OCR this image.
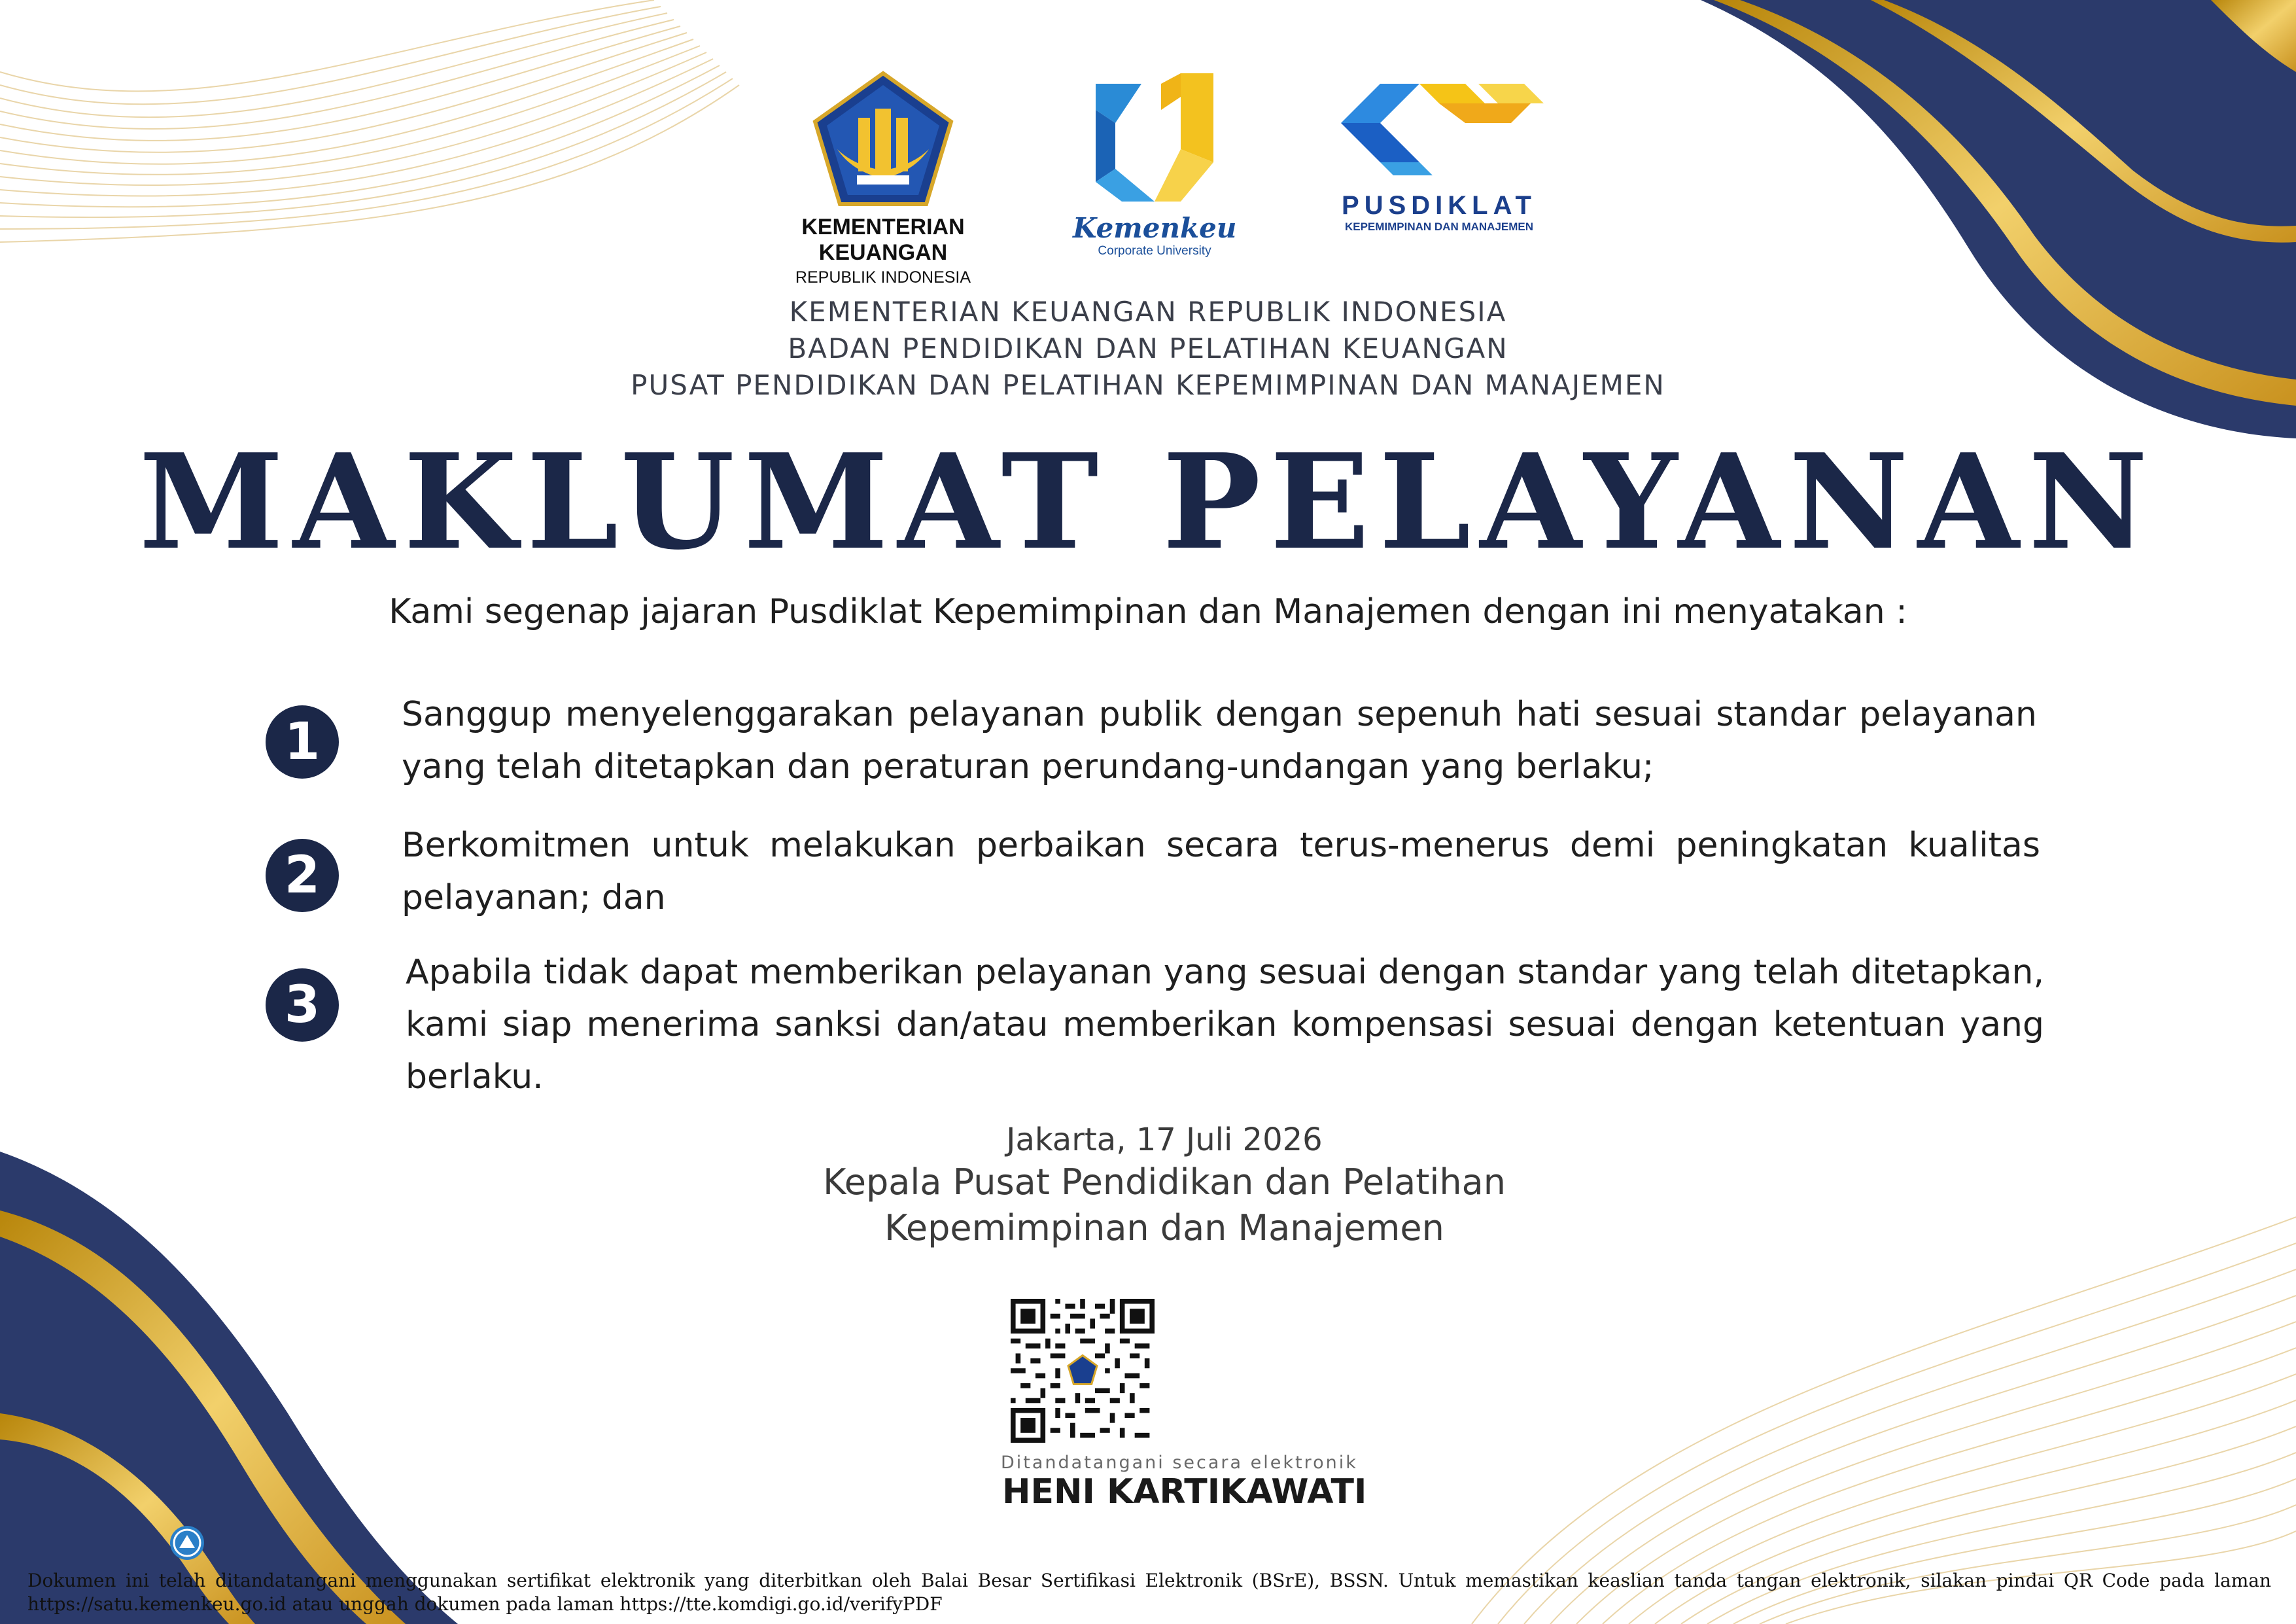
KEMENTERIAN KEUANGAN
REPUBLIK INDONESIA
Kemenkeu
Corporate University
PUSDIKLAT
KEPEMIMPINAN DAN MANAJEMEN
KEMENTERIAN KEUANGAN REPUBLIK INDONESIA
BADAN PENDIDIKAN DAN PELATIHAN KEUANGAN
PUSAT PENDIDIKAN DAN PELATIHAN KEPEMIMPINAN DAN MANAJEMEN
MAKLUMAT PELAYANAN
Kami segenap jajaran Pusdiklat Kepemimpinan dan Manajemen dengan ini menyatakan :
1	Sanggup menyelenggarakan pelayanan publik dengan sepenuh hati sesuai standar pelayanan yang telah ditetapkan dan peraturan perundang-undangan yang berlaku;
2
Berkomitmen untuk melakukan perbaikan secara terus-menerus demi peningkatan kualitas pelayanan; dan
3
Apabila tidak dapat memberikan pelayanan yang sesuai dengan standar yang telah ditetapkan, kami siap menerima sanksi dan/atau memberikan kompensasi sesuai dengan ketentuan yang berlaku.
Jakarta, 17 Juli 2026
Kepala Pusat Pendidikan dan Pelatihan
Kepemimpinan dan Manajemen
Ditandatangani secara elektronik
HENI KARTIKAWATI
Dokumen ini telah ditandatangani menggunakan sertifikat elektronik yang diterbitkan oleh Balai Besar Sertifikasi Elektronik (BSrE), BSSN. Untuk memastikan keaslian tanda tangan elektronik, silakan pindai QR Code pada laman https://satu.kemenkeu.go.id atau unggah dokumen pada laman https://tte.komdigi.go.id/verifyPDF
